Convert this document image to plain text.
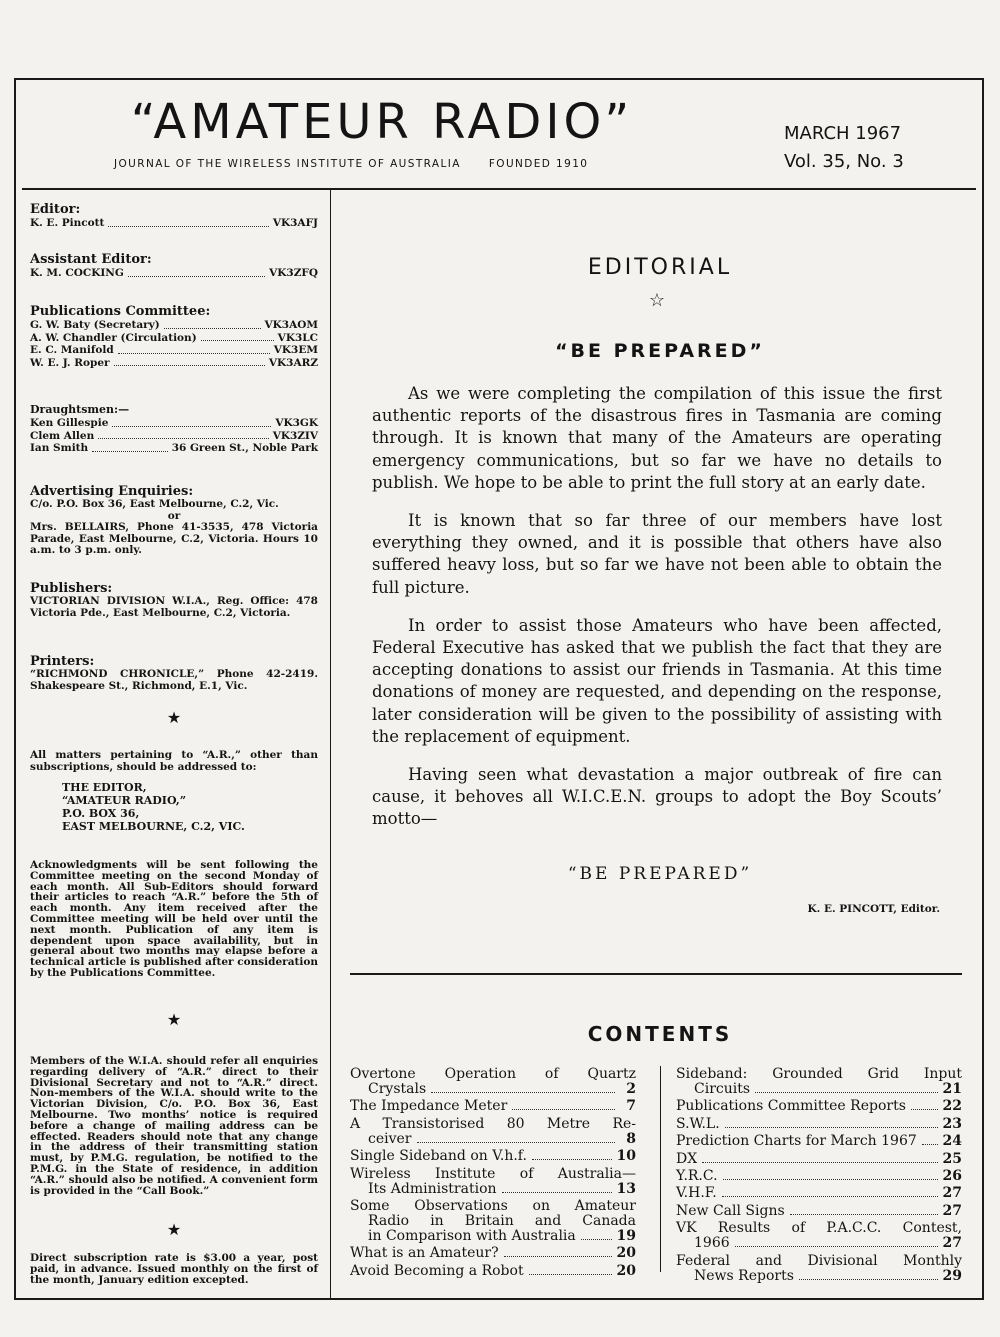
“AMATEUR RADIO”
JOURNAL OF THE WIRELESS INSTITUTE OF AUSTRALIA	FOUNDED 1910
MARCH 1967
Vol. 35, No. 3

Editor:

K. E. Pincott	VK3AFJ

Assistant Editor:

K. M. COCKING	VK3ZFQ

Publications Committee:

G. W. Baty (Secretary)	VK3AOM
A. W. Chandler (Circulation)	VK3LC
E. C. Manifold	VK3EM
W. E. J. Roper	VK3ARZ

Draughtsmen:—

Ken Gillespie	VK3GK
Clem Allen	VK3ZIV
Ian Smith	36 Green St., Noble Park

Advertising Enquiries:

C/o. P.O. Box 36, East Melbourne, C.2, Vic.

or

Mrs. BELLAIRS, Phone 41-3535, 478 Victoria Parade, East Melbourne, C.2, Victoria. Hours 10 a.m. to 3 p.m. only.

Publishers:

VICTORIAN DIVISION W.I.A., Reg. Office: 478 Victoria Pde., East Melbourne, C.2, Victoria.

Printers:

“RICHMOND CHRONICLE,” Phone 42-2419. Shakespeare St., Richmond, E.1, Vic.

★

All matters pertaining to “A.R.,” other than subscriptions, should be addressed to:

THE EDITOR,
“AMATEUR RADIO,”
P.O. BOX 36,
EAST MELBOURNE, C.2, VIC.

Acknowledgments will be sent following the Committee meeting on the second Monday of each month. All Sub-Editors should forward their articles to reach “A.R.” before the 5th of each month. Any item received after the Committee meeting will be held over until the next month. Publication of any item is dependent upon space availability, but in general about two months may elapse before a technical article is published after consideration by the Publications Committee.

★

Members of the W.I.A. should refer all enquiries regarding delivery of “A.R.” direct to their Divisional Secretary and not to “A.R.” direct. Non-members of the W.I.A. should write to the Victorian Division, C/o. P.O. Box 36, East Melbourne. Two months’ notice is required before a change of mailing address can be effected. Readers should note that any change in the address of their transmitting station must, by P.M.G. regulation, be notified to the P.M.G. in the State of residence, in addition “A.R.” should also be notified. A convenient form is provided in the “Call Book.”

★

Direct subscription rate is $3.00 a year, post paid, in advance. Issued monthly on the first of the month, January edition excepted.

EDITORIAL
☆
“BE PREPARED”

As we were completing the compilation of this issue the first authentic reports of the disastrous fires in Tasmania are coming through. It is known that many of the Amateurs are operating emergency communications, but so far we have no details to publish. We hope to be able to print the full story at an early date.

It is known that so far three of our members have lost everything they owned, and it is possible that others have also suffered heavy loss, but so far we have not been able to obtain the full picture.

In order to assist those Amateurs who have been affected, Federal Executive has asked that we publish the fact that they are accepting donations to assist our friends in Tasmania. At this time donations of money are requested, and depending on the response, later consideration will be given to the possibility of assisting with the replacement of equipment.

Having seen what devastation a major outbreak of fire can cause, it behoves all W.I.C.E.N. groups to adopt the Boy Scouts’ motto—

“BE PREPARED”
K. E. PINCOTT, Editor.
CONTENTS
Overtone Operation of Quartz
Crystals	2
The Impedance Meter	7
A Transistorised 80 Metre Re-
ceiver	8
Single Sideband on V.h.f.	10
Wireless Institute of Australia—
Its Administration	13
Some Observations on Amateur
Radio in Britain and Canada
in Comparison with Australia	19
What is an Amateur?	20
Avoid Becoming a Robot	20
Sideband: Grounded Grid Input
Circuits	21
Publications Committee Reports	22
S.W.L.	23
Prediction Charts for March 1967 24
DX	25
Y.R.C.	26
V.H.F.	27
New Call Signs	27
VK Results of P.A.C.C. Contest,
1966	27
Federal and Divisional Monthly
News Reports	29
